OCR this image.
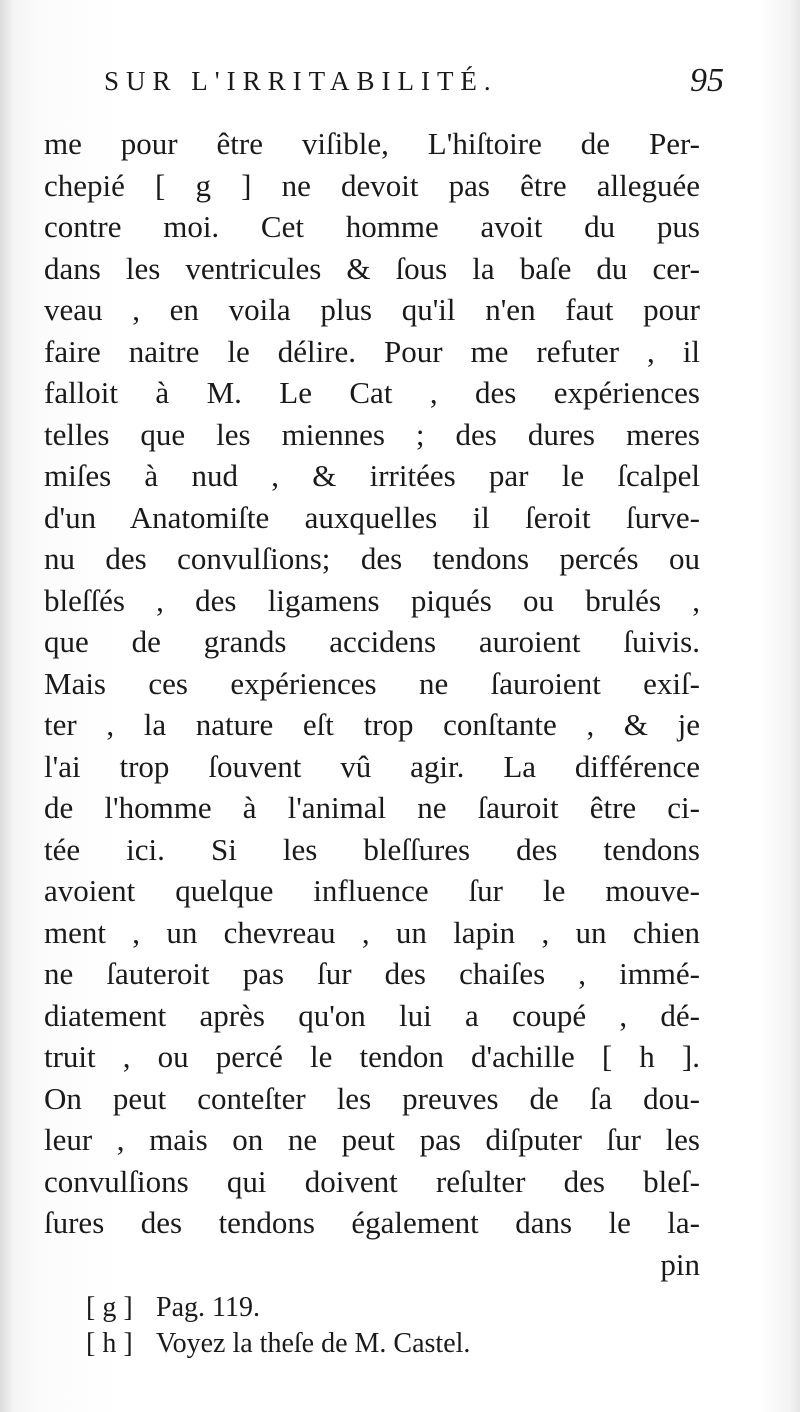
SUR L'IRRITABILITÉ.	95
me pour être viſible, L'hiſtoire de Per-
chepié [ g ] ne devoit pas être alleguée
contre moi. Cet homme avoit du pus
dans les ventricules & ſous la baſe du cer-
veau , en voila plus qu'il n'en faut pour
faire naitre le délire. Pour me refuter , il
falloit à M. Le Cat , des expériences
telles que les miennes ; des dures meres
miſes à nud , & irritées par le ſcalpel
d'un Anatomiſte auxquelles il ſeroit ſurve-
nu des convulſions; des tendons percés ou
bleſſés , des ligamens piqués ou brulés ,
que de grands accidens auroient ſuivis.
Mais ces expériences ne ſauroient exiſ-
ter , la nature eſt trop conſtante , & je
l'ai trop ſouvent vû agir. La différence
de l'homme à l'animal ne ſauroit être ci-
tée ici. Si les bleſſures des tendons
avoient quelque influence ſur le mouve-
ment , un chevreau , un lapin , un chien
ne ſauteroit pas ſur des chaiſes , immé-
diatement après qu'on lui a coupé , dé-
truit , ou percé le tendon d'achille [ h ].
On peut conteſter les preuves de ſa dou-
leur , mais on ne peut pas diſputer ſur les
convulſions qui doivent reſulter des bleſ-
ſures des tendons également dans le la-
pin
[ g ] Pag. 119.
[ h ] Voyez la theſe de M. Castel.
